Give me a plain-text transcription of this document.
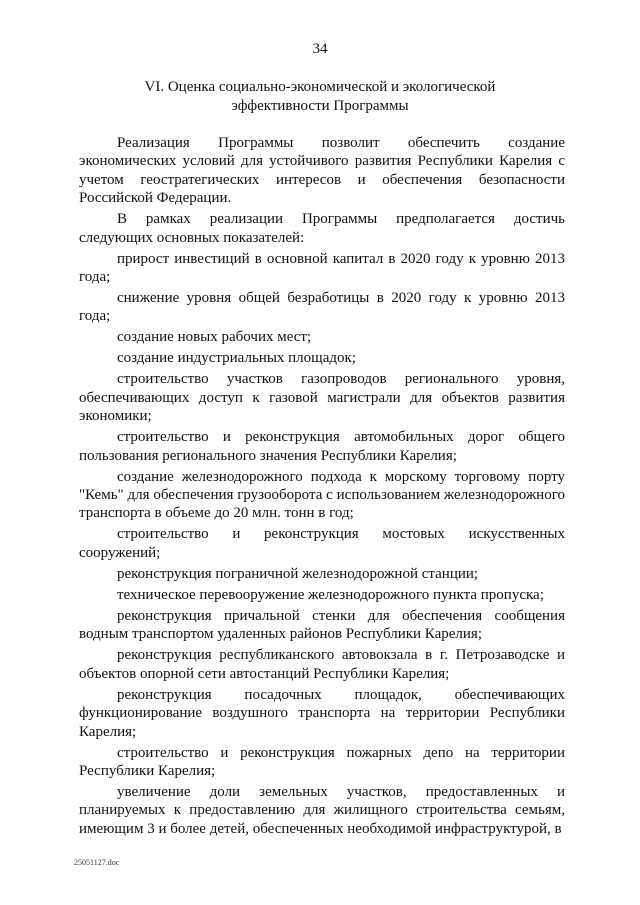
34
VI. Оценка социально-экономической и экологической
эффективности Программы

Реализация Программы позволит обеспечить создание экономических условий для устойчивого развития Республики Карелия с учетом геостратегических интересов и обеспечения безопасности Российской Федерации.

В рамках реализации Программы предполагается достичь следующих основных показателей:

прирост инвестиций в основной капитал в 2020 году к уровню 2013 года;

снижение уровня общей безработицы в 2020 году к уровню 2013 года;

создание новых рабочих мест;

создание индустриальных площадок;

строительство участков газопроводов регионального уровня, обеспечивающих доступ к газовой магистрали для объектов развития экономики;

строительство и реконструкция автомобильных дорог общего пользования регионального значения Республики Карелия;

создание железнодорожного подхода к морскому торговому порту "Кемь" для обеспечения грузооборота с использованием железнодорожного транспорта в объеме до 20 млн. тонн в год;

строительство и реконструкция мостовых искусственных сооружений;

реконструкция пограничной железнодорожной станции;

техническое перевооружение железнодорожного пункта пропуска;

реконструкция причальной стенки для обеспечения сообщения водным транспортом удаленных районов Республики Карелия;

реконструкция республиканского автовокзала в г. Петрозаводске и объектов опорной сети автостанций Республики Карелия;

реконструкция посадочных площадок, обеспечивающих функционирование воздушного транспорта на территории Республики Карелия;

строительство и реконструкция пожарных депо на территории Республики Карелия;

увеличение доли земельных участков, предоставленных и планируемых к предоставлению для жилищного строительства семьям, имеющим 3 и более детей, обеспеченных необходимой инфраструктурой, в

25051127.doc
